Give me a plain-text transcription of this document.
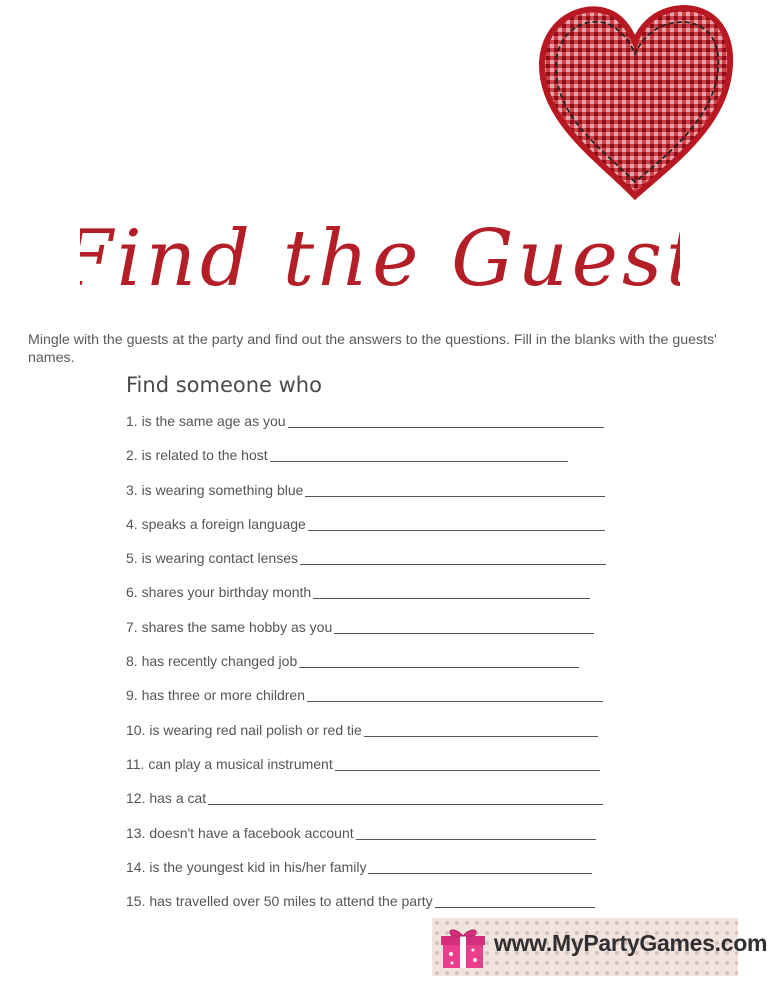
Find the Guest
Mingle with the guests at the party and find out the answers to the questions. Fill in the blanks with the guests' names.
Find someone who
1. is the same age as you
2. is related to the host
3. is wearing something blue
4. speaks a foreign language
5. is wearing contact lenses
6. shares your birthday month
7. shares the same hobby as you
8. has recently changed job
9. has three or more children
10. is wearing red nail polish or red tie
11. can play a musical instrument
12. has a cat
13. doesn't have a facebook account
14. is the youngest kid in his/her family
15. has travelled over 50 miles to attend the party
www.MyPartyGames.com
